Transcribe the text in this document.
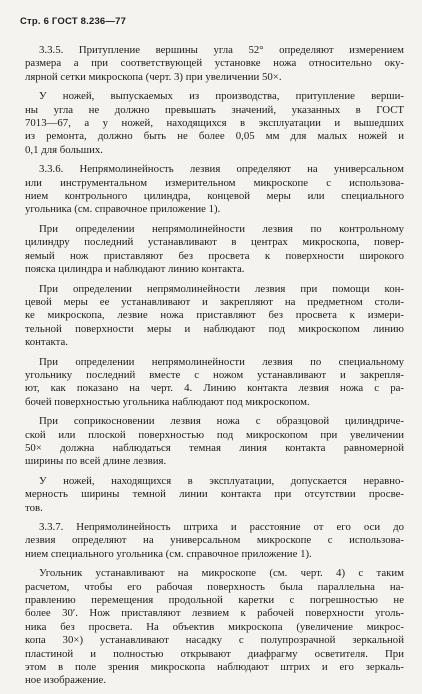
Стр. 6 ГОСТ 8.236—77
3.3.5. Притупление вершины угла 52° определяют измерением
размера a при соответствующей установке ножа относительно оку-
лярной сетки микроскопа (черт. 3) при увеличении 50×.
У ножей, выпускаемых из производства, притупление верши-
ны угла не должно превышать значений, указанных в ГОСТ
7013—67, а у ножей, находящихся в эксплуатации и вышедших
из ремонта, должно быть не более 0,05 мм для малых ножей и
0,1 для больших.
3.3.6. Непрямолинейность лезвия определяют на универсальном
или инструментальном измерительном микроскопе с использова-
нием контрольного цилиндра, концевой меры или специального
угольника (см. справочное приложение 1).
При определении непрямолинейности лезвия по контрольному
цилиндру последний устанавливают в центрах микроскопа, повер-
яемый нож приставляют без просвета к поверхности широкого
пояска цилиндра и наблюдают линию контакта.
При определении непрямолинейности лезвия при помощи кон-
цевой меры ее устанавливают и закрепляют на предметном столи-
ке микроскопа, лезвие ножа приставляют без просвета к измери-
тельной поверхности меры и наблюдают под микроскопом линию
контакта.
При определении непрямолинейности лезвия по специальному
угольнику последний вместе с ножом устанавливают и закрепля-
ют, как показано на черт. 4. Линию контакта лезвия ножа с ра-
бочей поверхностью угольника наблюдают под микроскопом.
При соприкосновении лезвия ножа с образцовой цилиндриче-
ской или плоской поверхностью под микроскопом при увеличении
50× должна наблюдаться темная линия контакта равномерной
ширины по всей длине лезвия.
У ножей, находящихся в эксплуатации, допускается неравно-
мерность ширины темной линии контакта при отсутствии просве-
тов.
3.3.7. Непрямолинейность штриха и расстояние от его оси до
лезвия определяют на универсальном микроскопе с использова-
нием специального угольника (см. справочное приложение 1).
Угольник устанавливают на микроскопе (см. черт. 4) с таким
расчетом, чтобы его рабочая поверхность была параллельна на-
правлению перемещения продольной каретки с погрешностью не
более 30′. Нож приставляют лезвием к рабочей поверхности уголь-
ника без просвета. На объектив микроскопа (увеличение микрос-
копа 30×) устанавливают насадку с полупрозрачной зеркальной
пластиной и полностью открывают диафрагму осветителя. При
этом в поле зрения микроскопа наблюдают штрих и его зеркаль-
ное изображение.
